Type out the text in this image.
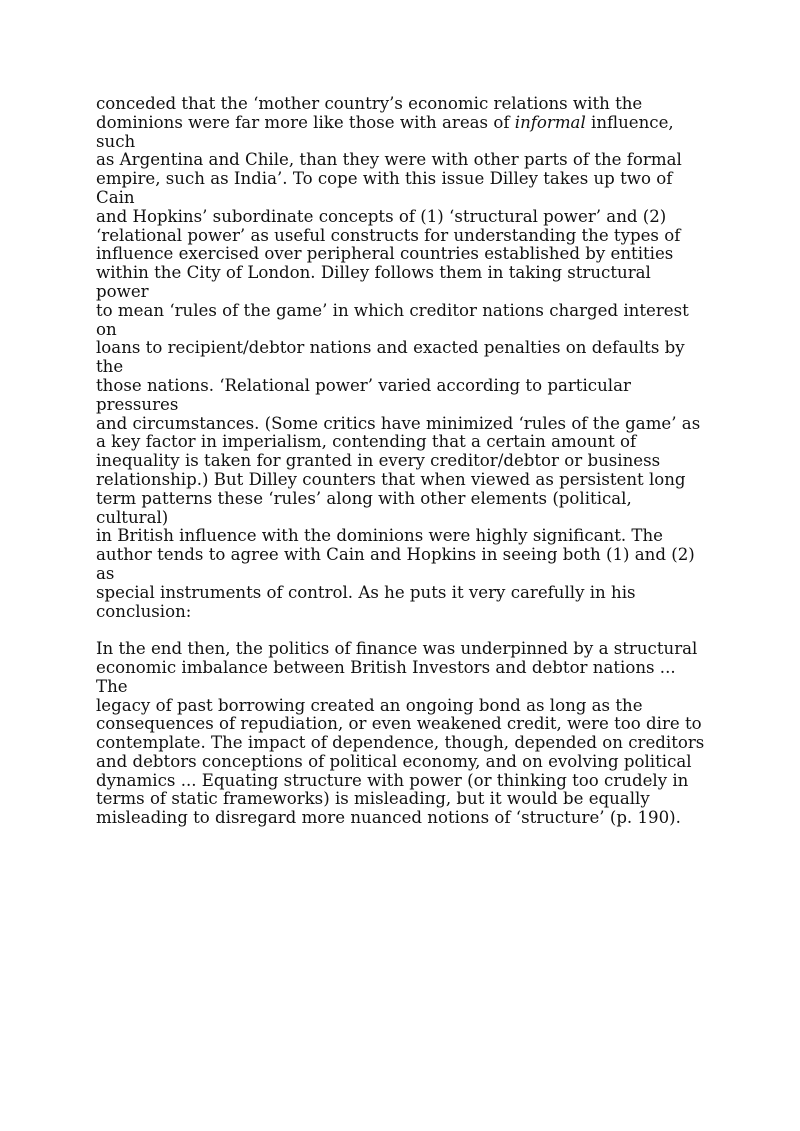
conceded that the ‘mother country’s economic relations with the
dominions were far more like those with areas of informal influence, such
as Argentina and Chile, than they were with other parts of the formal
empire, such as India’. To cope with this issue Dilley takes up two of Cain
and Hopkins’ subordinate concepts of (1) ‘structural power’ and (2)
‘relational power’ as useful constructs for understanding the types of
influence exercised over peripheral countries established by entities
within the City of London. Dilley follows them in taking structural power
to mean ‘rules of the game’ in which creditor nations charged interest on
loans to recipient/debtor nations and exacted penalties on defaults by the
those nations. ‘Relational power’ varied according to particular pressures
and circumstances. (Some critics have minimized ‘rules of the game’ as
a key factor in imperialism, contending that a certain amount of
inequality is taken for granted in every creditor/debtor or business
relationship.) But Dilley counters that when viewed as persistent long
term patterns these ‘rules’ along with other elements (political, cultural)
in British influence with the dominions were highly significant. The
author tends to agree with Cain and Hopkins in seeing both (1) and (2) as
special instruments of control. As he puts it very carefully in his
conclusion:

In the end then, the politics of finance was underpinned by a structural
economic imbalance between British Investors and debtor nations ... The
legacy of past borrowing created an ongoing bond as long as the
consequences of repudiation, or even weakened credit, were too dire to
contemplate. The impact of dependence, though, depended on creditors
and debtors conceptions of political economy, and on evolving political
dynamics ... Equating structure with power (or thinking too crudely in
terms of static frameworks) is misleading, but it would be equally
misleading to disregard more nuanced notions of ‘structure’ (p. 190).
